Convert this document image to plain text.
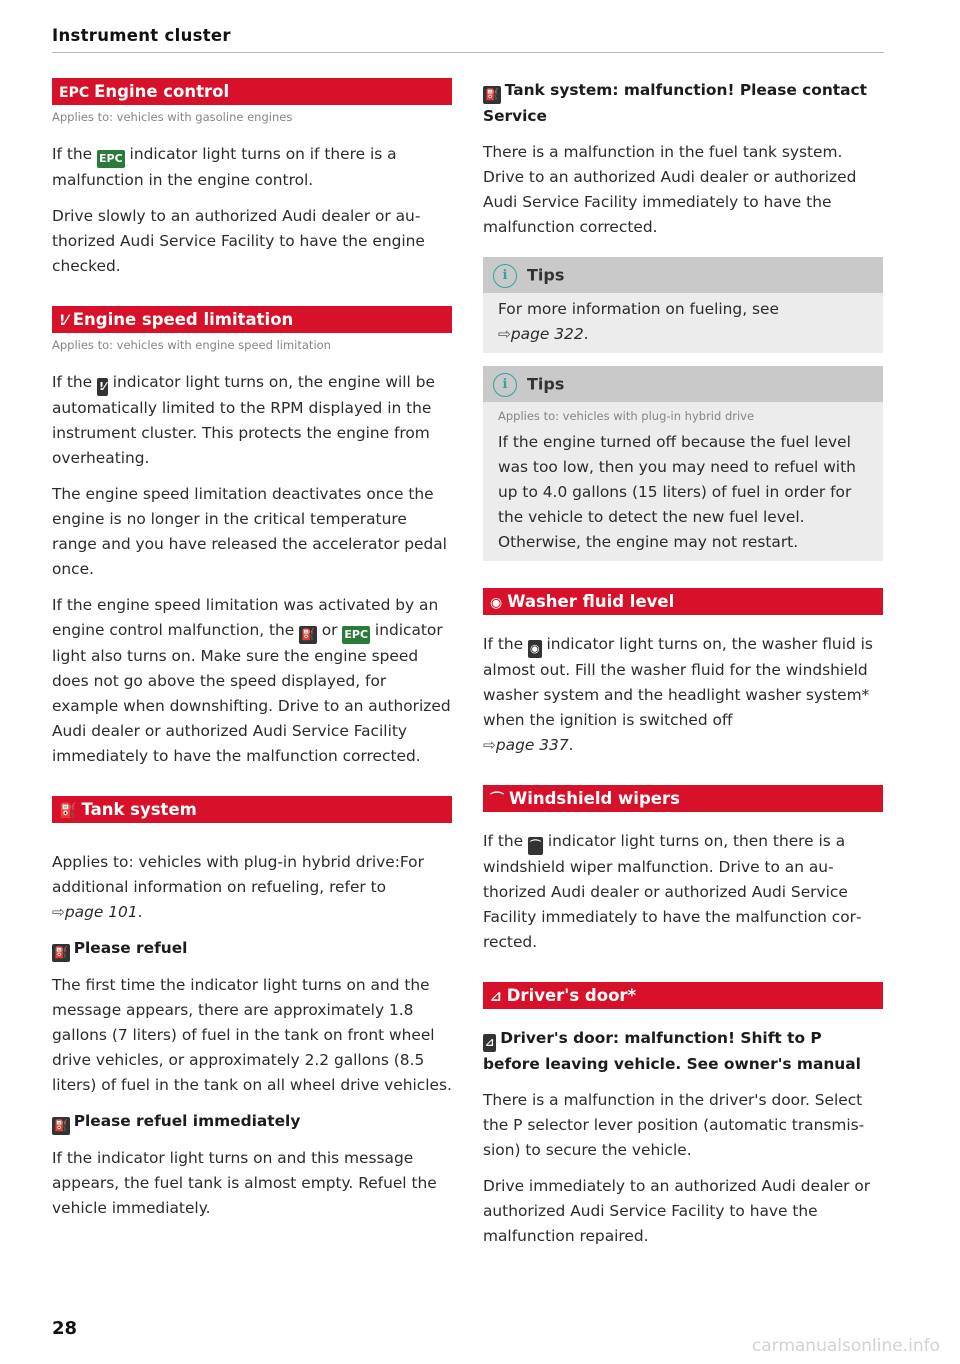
Instrument cluster
EPC Engine control
Applies to: vehicles with gasoline engines

If the EPC indicator light turns on if there is a malfunction in the engine control.

Drive slowly to an authorized Audi dealer or authorized Audi Service Facility to have the engine checked.

!⁄ Engine speed limitation
Applies to: vehicles with engine speed limitation

If the !⁄ indicator light turns on, the engine will be automatically limited to the RPM displayed in the instrument cluster. This protects the engine from overheating.

The engine speed limitation deactivates once the engine is no longer in the critical temperature range and you have released the accelerator pedal once.

If the engine speed limitation was activated by an engine control malfunction, the ⛽ or EPC indicator light also turns on. Make sure the engine speed does not go above the speed displayed, for example when downshifting. Drive to an authorized Audi dealer or authorized Audi Service Facility immediately to have the malfunction corrected.

⛽ Tank system

Applies to: vehicles with plug-in hybrid drive:For additional information on refueling, refer to
⇨page 101.

⛽ Please refuel

The first time the indicator light turns on and the message appears, there are approximately 1.8 gallons (7 liters) of fuel in the tank on front wheel drive vehicles, or approximately 2.2 gallons (8.5 liters) of fuel in the tank on all wheel drive vehicles.

⛽ Please refuel immediately

If the indicator light turns on and this message appears, the fuel tank is almost empty. Refuel the vehicle immediately.

⛽ Tank system: malfunction! Please contact Service

There is a malfunction in the fuel tank system. Drive to an authorized Audi dealer or authorized Audi Service Facility immediately to have the malfunction corrected.

i Tips

For more information on fueling, see
⇨page 322.

i Tips
Applies to: vehicles with plug-in hybrid drive

If the engine turned off because the fuel level was too low, then you may need to refuel with up to 4.0 gallons (15 liters) of fuel in order for the vehicle to detect the new fuel level. Otherwise, the engine may not restart.

◉ Washer fluid level

If the ◉ indicator light turns on, the washer fluid is almost out. Fill the washer fluid for the windshield washer system and the headlight washer system* when the ignition is switched off
⇨page 337.

⌒ Windshield wipers

If the ⌒ indicator light turns on, then there is a windshield wiper malfunction. Drive to an authorized Audi dealer or authorized Audi Service Facility immediately to have the malfunction corrected.

⊿ Driver's door*
⊿ Driver's door: malfunction! Shift to P before leaving vehicle. See owner's manual

There is a malfunction in the driver's door. Select the P selector lever position (automatic transmission) to secure the vehicle.

Drive immediately to an authorized Audi dealer or authorized Audi Service Facility to have the malfunction repaired.

28
carmanualsonline.info
